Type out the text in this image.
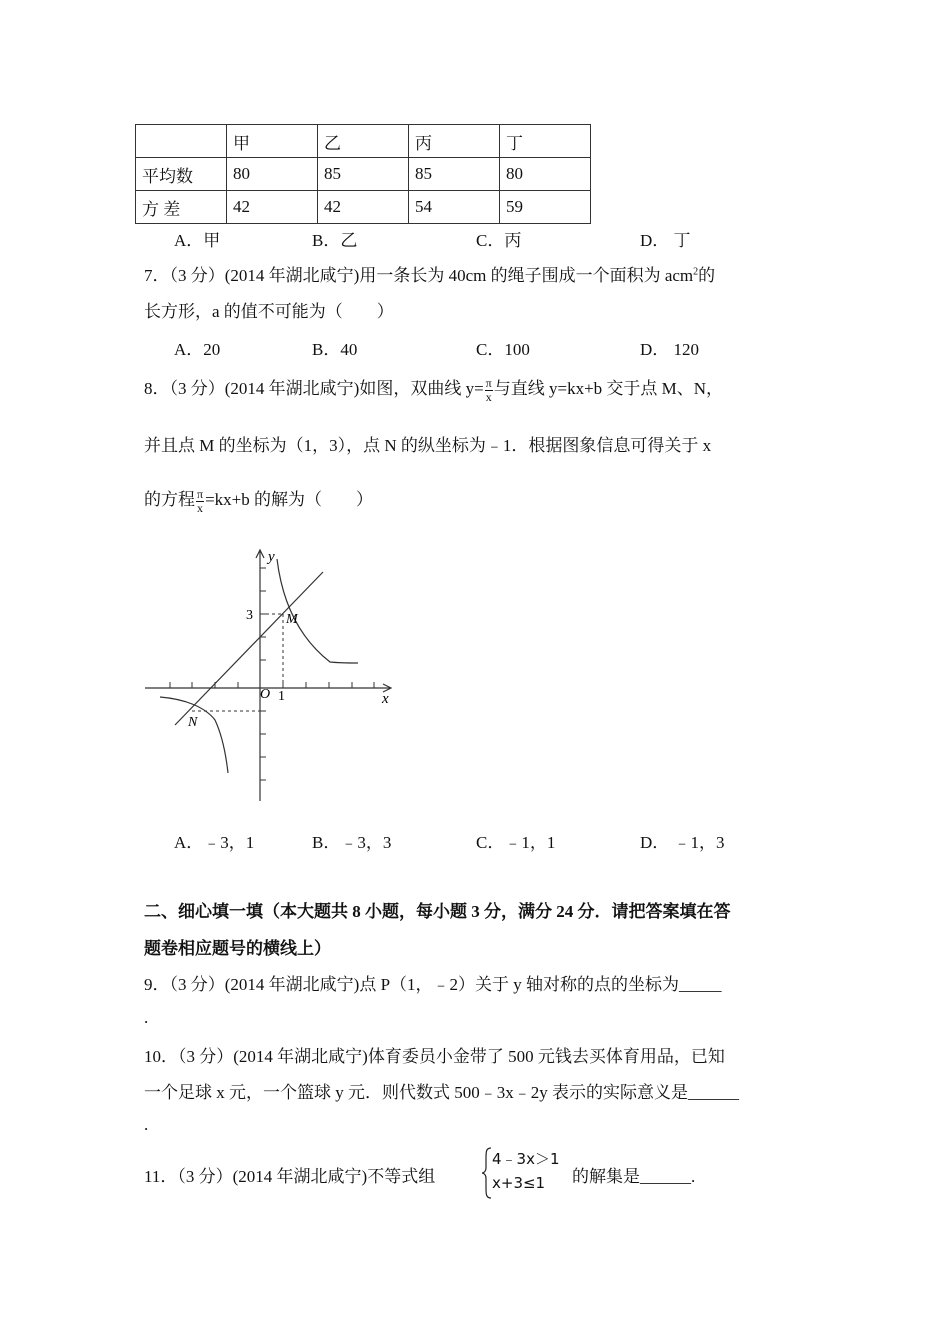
	甲	乙	丙	丁
平均数	80	85	85	80
方 差	42	42	54	59
A．甲	B．乙	C．丙	D． 丁
7．（3 分）(2014 年湖北咸宁)用一条长为 40cm 的绳子围成一个面积为 acm$^2$的
长方形，a 的值不可能为（　　）
A．20	B．40	C．100	D． 120
8．（3 分）(2014 年湖北咸宁)如图，双曲线 $y= \frac{\pi}{x}$ 与直线 y=kx+b 交于点 M、N，
并且点 M 的坐标为（1，3），点 N 的纵坐标为﹣1．根据图象信息可得关于 x
的方程 $\frac{\pi}{x} =kx+b$ 的解为（　　）
y
x
O
3
1
M
N
A．﹣3，1	B．﹣3，3	C．﹣1，1	D． ﹣1，3
二、细心填一填（本大题共 8 小题，每小题 3 分，满分 24 分．请把答案填在答
题卷相应题号的横线上）
9．（3 分）(2014 年湖北咸宁)点 P（1，﹣2）关于 y 轴对称的点的坐标为_____
.
10．（3 分）(2014 年湖北咸宁)体育委员小金带了 500 元钱去买体育用品，已知
一个足球 x 元，一个篮球 y 元．则代数式 500﹣3x﹣2y 表示的实际意义是______
.
11．（3 分）(2014 年湖北咸宁)不等式组
4﹣3x＞1
x+3≤1 的解集是______.
